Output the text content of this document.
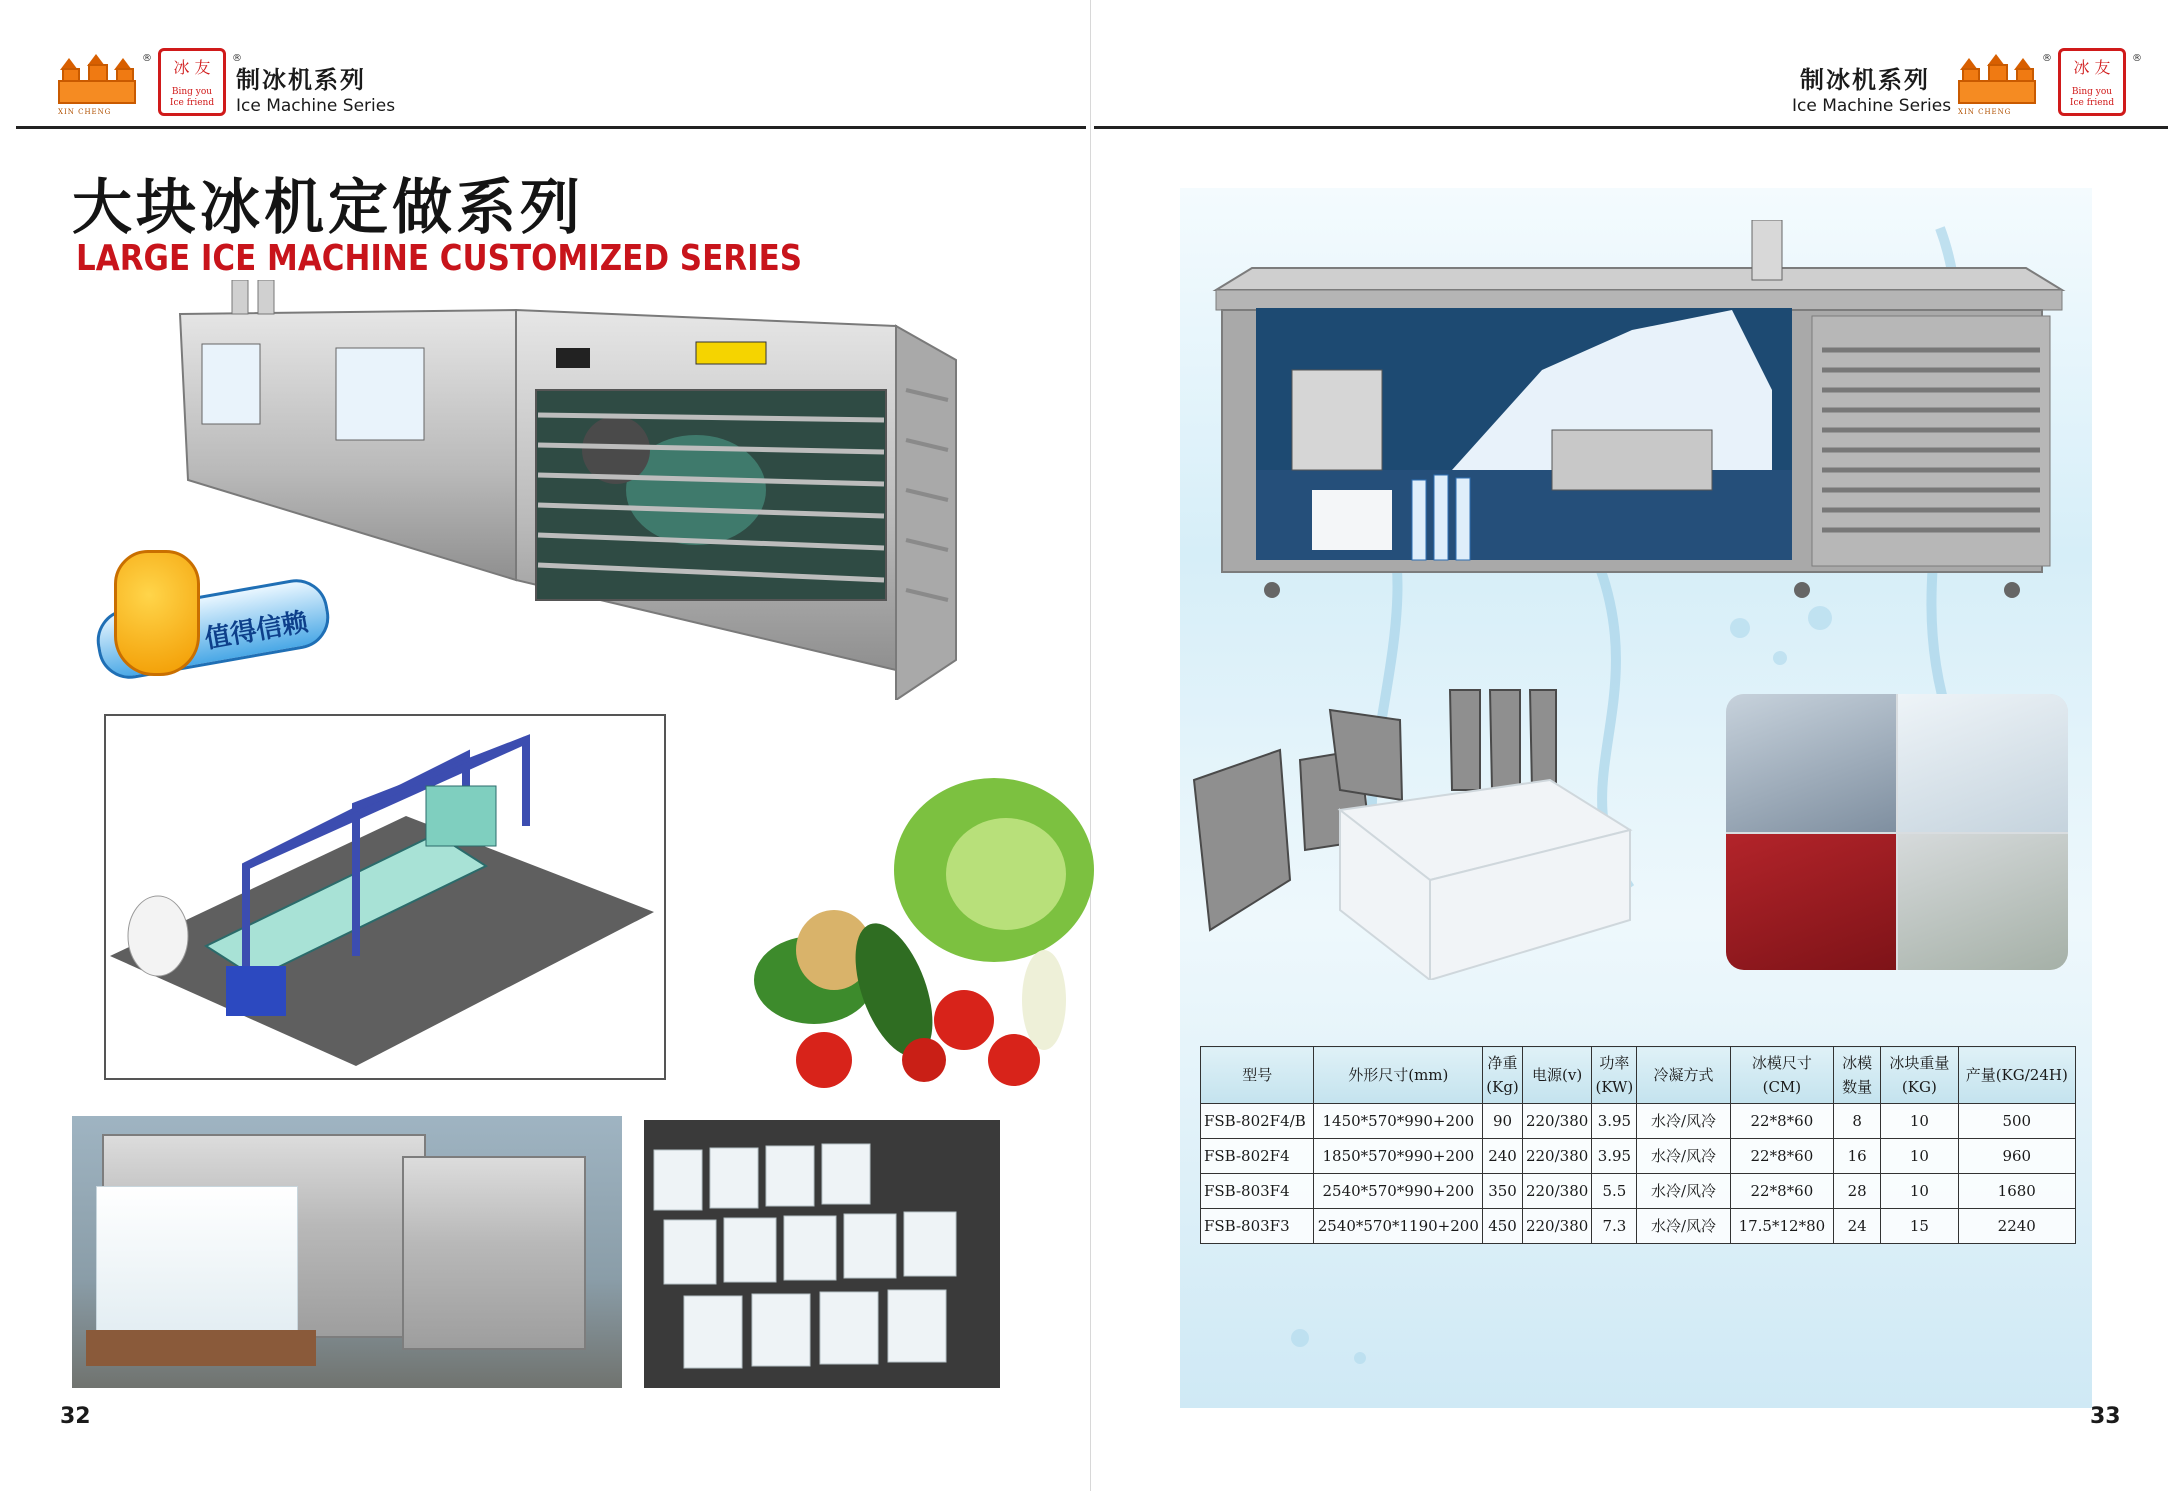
XIN CHENG
®	冰 友
Bing you
Ice friend
®
制冰机系列
Ice Machine Series
大块冰机定做系列
LARGE ICE MACHINE CUSTOMIZED SERIES
值得信赖
32
制冰机系列
Ice Machine Series XIN CHENG
®	冰 友
Bing you
Ice friend
®
型号	外形尺寸(mm)	净重(Kg)	电源(v)	功率(KW)	冷凝方式	冰模尺寸(CM)	冰模数量	冰块重量(KG)	产量(KG/24H)
FSB-802F4/B	1450*570*990+200	90	220/380	3.95	水冷/风冷	22*8*60	8	10	500
FSB-802F4	1850*570*990+200	240	220/380	3.95	水冷/风冷	22*8*60	16	10	960
FSB-803F4	2540*570*990+200	350	220/380	5.5	水冷/风冷	22*8*60	28	10	1680
FSB-803F3	2540*570*1190+200	450	220/380	7.3	水冷/风冷	17.5*12*80	24	15	2240
33
